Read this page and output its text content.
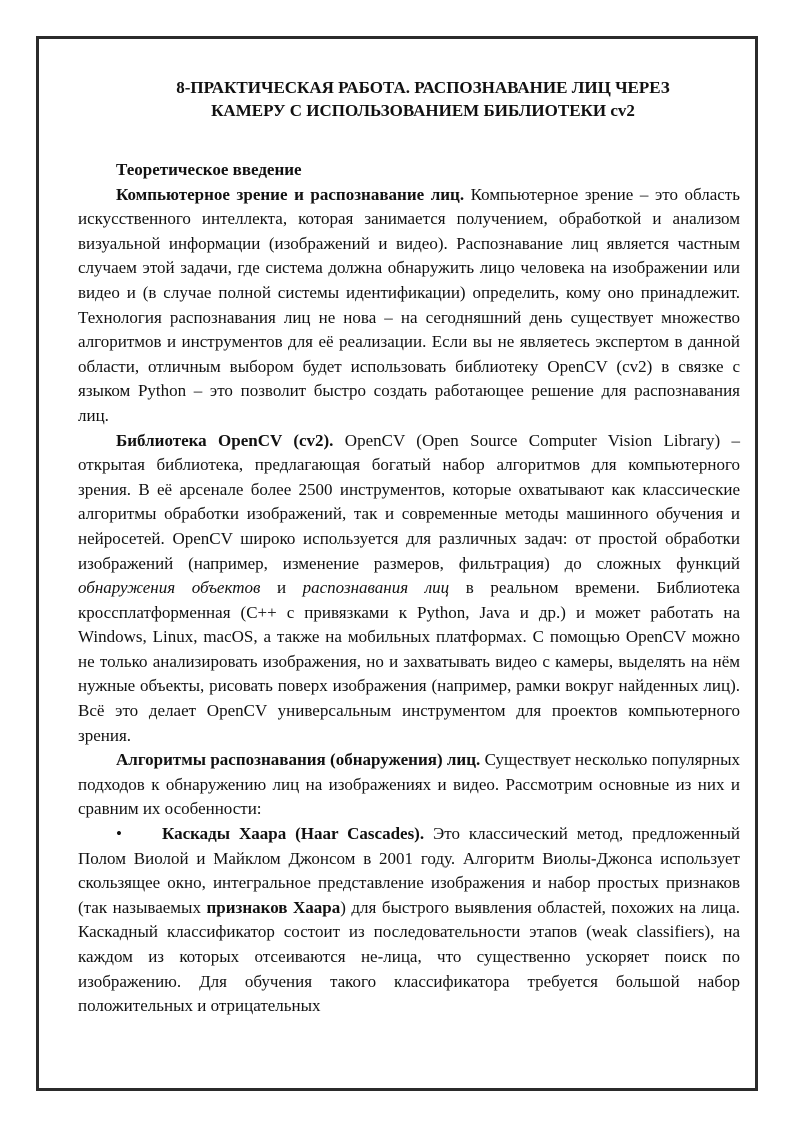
8-ПРАКТИЧЕСКАЯ РАБОТА. РАСПОЗНАВАНИЕ ЛИЦ ЧЕРЕЗ
КАМЕРУ С ИСПОЛЬЗОВАНИЕМ БИБЛИОТЕКИ cv2

Теоретическое введение

Компьютерное зрение и распознавание лиц. Компьютерное зрение – это область искусственного интеллекта, которая занимается получением, обработкой и анализом визуальной информации (изображений и видео). Распознавание лиц является частным случаем этой задачи, где система должна обнаружить лицо человека на изображении или видео и (в случае полной системы идентификации) определить, кому оно принадлежит. Технология распознавания лиц не нова – на сегодняшний день существует множество алгоритмов и инструментов для её реализации. Если вы не являетесь экспертом в данной области, отличным выбором будет использовать библиотеку OpenCV (cv2) в связке с языком Python – это позволит быстро создать работающее решение для распознавания лиц.

Библиотека OpenCV (cv2). OpenCV (Open Source Computer Vision Library) – открытая библиотека, предлагающая богатый набор алгоритмов для компьютерного зрения. В её арсенале более 2500 инструментов, которые охватывают как классические алгоритмы обработки изображений, так и современные методы машинного обучения и нейросетей. OpenCV широко используется для различных задач: от простой обработки изображений (например, изменение размеров, фильтрация) до сложных функций обнаружения объектов и распознавания лиц в реальном времени. Библиотека кроссплатформенная (C++ с привязками к Python, Java и др.) и может работать на Windows, Linux, macOS, а также на мобильных платформах. С помощью OpenCV можно не только анализировать изображения, но и захватывать видео с камеры, выделять на нём нужные объекты, рисовать поверх изображения (например, рамки вокруг найденных лиц). Всё это делает OpenCV универсальным инструментом для проектов компьютерного зрения.

Алгоритмы распознавания (обнаружения) лиц. Существует несколько популярных подходов к обнаружению лиц на изображениях и видео. Рассмотрим основные из них и сравним их особенности:

• Каскады Хаара (Haar Cascades). Это классический метод, предложенный Полом Виолой и Майклом Джонсом в 2001 году. Алгоритм Виолы-Джонса использует скользящее окно, интегральное представление изображения и набор простых признаков (так называемых признаков Хаара) для быстрого выявления областей, похожих на лица. Каскадный классификатор состоит из последовательности этапов (weak classifiers), на каждом из которых отсеиваются не-лица, что существенно ускоряет поиск по изображению. Для обучения такого классификатора требуется большой набор положительных и отрицательных
